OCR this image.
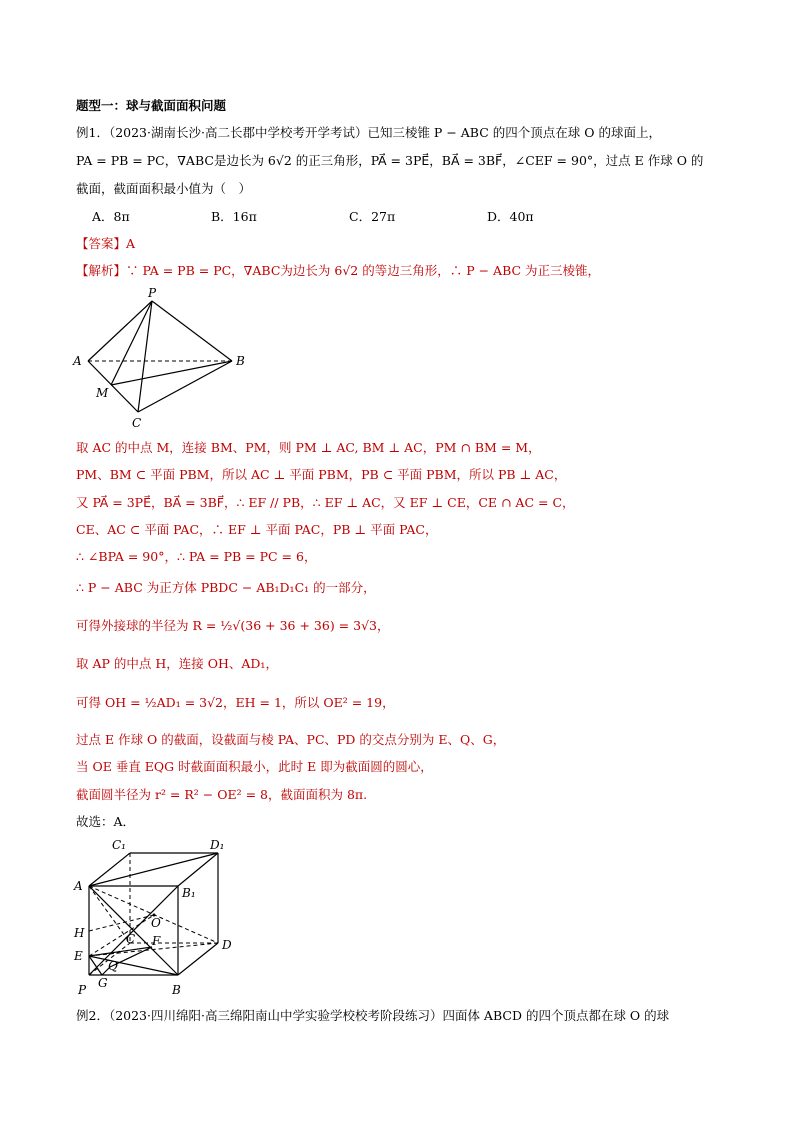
题型一：球与截面面积问题
例1．（2023·湖南长沙·高二长郡中学校考开学考试）已知三棱锥 P − ABC 的四个顶点在球 O 的球面上，
PA = PB = PC，∇ABC是边长为 6√2 的正三角形，PA⃗ = 3PE⃗，BA⃗ = 3BF⃗，∠CEF = 90°，过点 E 作球 O 的
截面，截面面积最小值为（　）
A．8π	B．16π	C．27π	D．40π
【答案】A
【解析】∵ PA = PB = PC，∇ABC为边长为 6√2 的等边三角形，∴ P − ABC 为正三棱锥，
P
A	B
M
C
取 AC 的中点 M，连接 BM、PM，则 PM ⊥ AC, BM ⊥ AC，PM ∩ BM = M，
PM、BM ⊂ 平面 PBM，所以 AC ⊥ 平面 PBM，PB ⊂ 平面 PBM，所以 PB ⊥ AC，
又 PA⃗ = 3PE⃗，BA⃗ = 3BF⃗，∴ EF // PB，∴ EF ⊥ AC，又 EF ⊥ CE，CE ∩ AC = C，
CE、AC ⊂ 平面 PAC，∴ EF ⊥ 平面 PAC，PB ⊥ 平面 PAC，
∴ ∠BPA = 90°，∴ PA = PB = PC = 6，
∴ P − ABC 为正方体 PBDC − AB₁D₁C₁ 的一部分，
可得外接球的半径为 R = ½√(36 + 36 + 36) = 3√3，
取 AP 的中点 H，连接 OH、AD₁，
可得 OH = ½AD₁ = 3√2，EH = 1，所以 OE² = 19，
过点 E 作球 O 的截面，设截面与棱 PA、PC、PD 的交点分别为 E、Q、G，
当 OE 垂直 EQG 时截面面积最小，此时 E 即为截面圆的圆心，
截面圆半径为 r² = R² − OE² = 8，截面面积为 8π.
故选：A．
C₁	D₁
A	B₁
H
O
C F	D
E
Q
G
P	B
例2．（2023·四川绵阳·高三绵阳南山中学实验学校校考阶段练习）四面体 ABCD 的四个顶点都在球 O 的球
